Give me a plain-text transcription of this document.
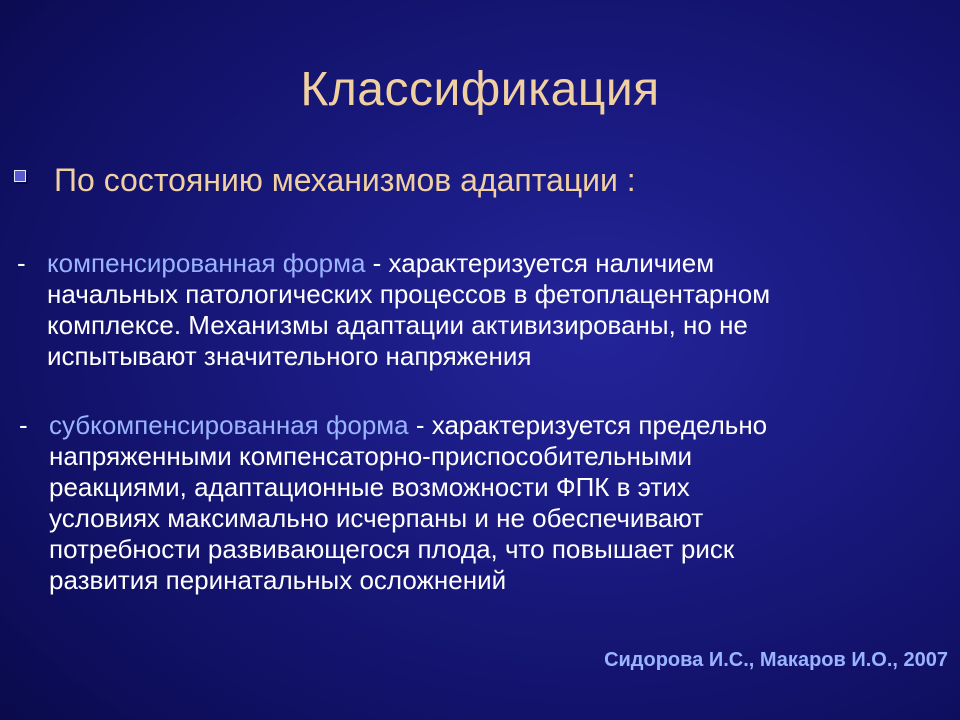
Классификация
По состоянию механизмов адаптации :
- компенсированная форма - характеризуется наличием
начальных патологических процессов в фетоплацентарном
комплексе. Механизмы адаптации активизированы, но не
испытывают значительного напряжения
- субкомпенсированная форма - характеризуется предельно
напряженными компенсаторно-приспособительными
реакциями, адаптационные возможности ФПК в этих
условиях максимально исчерпаны и не обеспечивают
потребности развивающегося плода, что повышает риск
развития перинатальных осложнений
Сидорова И.С., Макаров И.О., 2007
